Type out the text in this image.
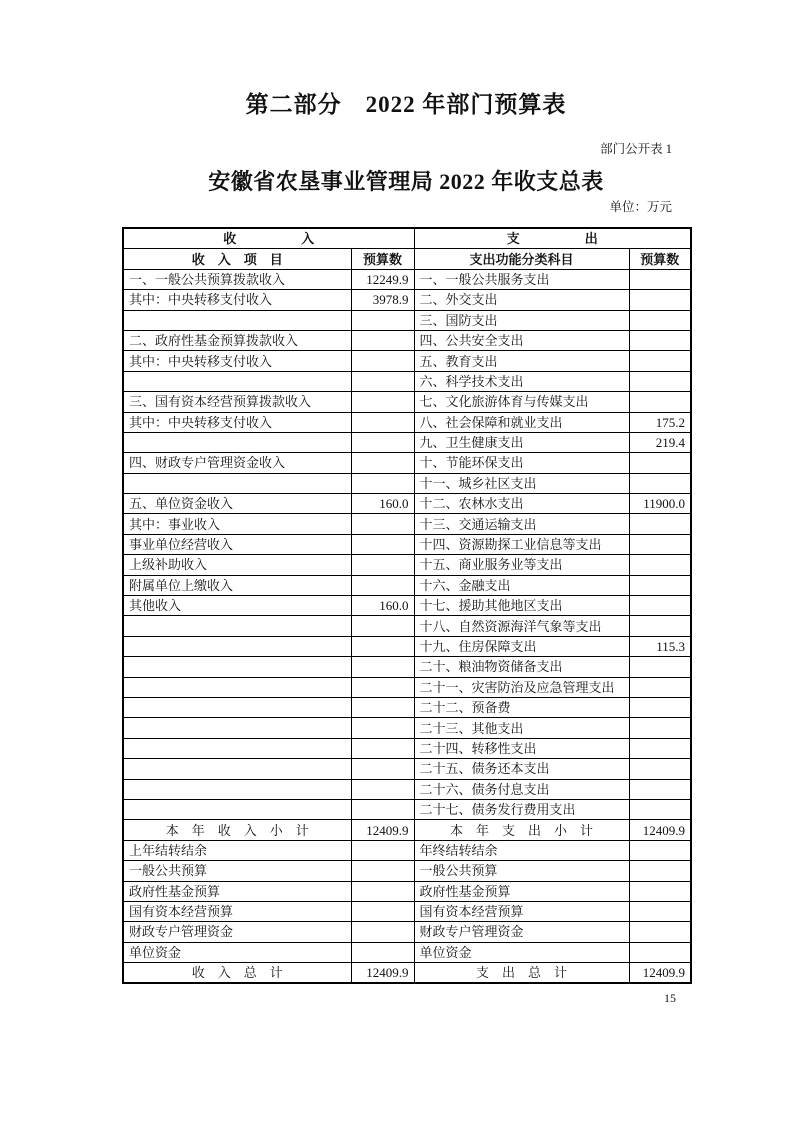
第二部分　2022 年部门预算表
部门公开表 1
安徽省农垦事业管理局 2022 年收支总表
单位：万元
收　　　　　入		支　　　　　出	
收　入　项　目	预算数	支出功能分类科目	预算数
一、一般公共预算拨款收入	12249.9	一、一般公共服务支出	
其中：中央转移支付收入	3978.9	二、外交支出	
		三、国防支出	
二、政府性基金预算拨款收入		四、公共安全支出	
其中：中央转移支付收入		五、教育支出	
		六、科学技术支出	
三、国有资本经营预算拨款收入		七、文化旅游体育与传媒支出	
其中：中央转移支付收入		八、社会保障和就业支出	175.2
		九、卫生健康支出	219.4
四、财政专户管理资金收入		十、节能环保支出	
		十一、城乡社区支出	
五、单位资金收入	160.0	十二、农林水支出	11900.0
其中：事业收入		十三、交通运输支出	
事业单位经营收入		十四、资源勘探工业信息等支出	
上级补助收入		十五、商业服务业等支出	
附属单位上缴收入		十六、金融支出	
其他收入	160.0	十七、援助其他地区支出	
		十八、自然资源海洋气象等支出	
		十九、住房保障支出	115.3
		二十、粮油物资储备支出	
		二十一、灾害防治及应急管理支出	
		二十二、预备费	
		二十三、其他支出	
		二十四、转移性支出	
		二十五、债务还本支出	
		二十六、债务付息支出	
		二十七、债务发行费用支出	
本　年　收　入　小　计	12409.9	本　年　支　出　小　计	12409.9
上年结转结余		年终结转结余	
一般公共预算		一般公共预算	
政府性基金预算		政府性基金预算	
国有资本经营预算		国有资本经营预算	
财政专户管理资金		财政专户管理资金	
单位资金		单位资金	
收　入　总　计	12409.9	支　出　总　计	12409.9
15
